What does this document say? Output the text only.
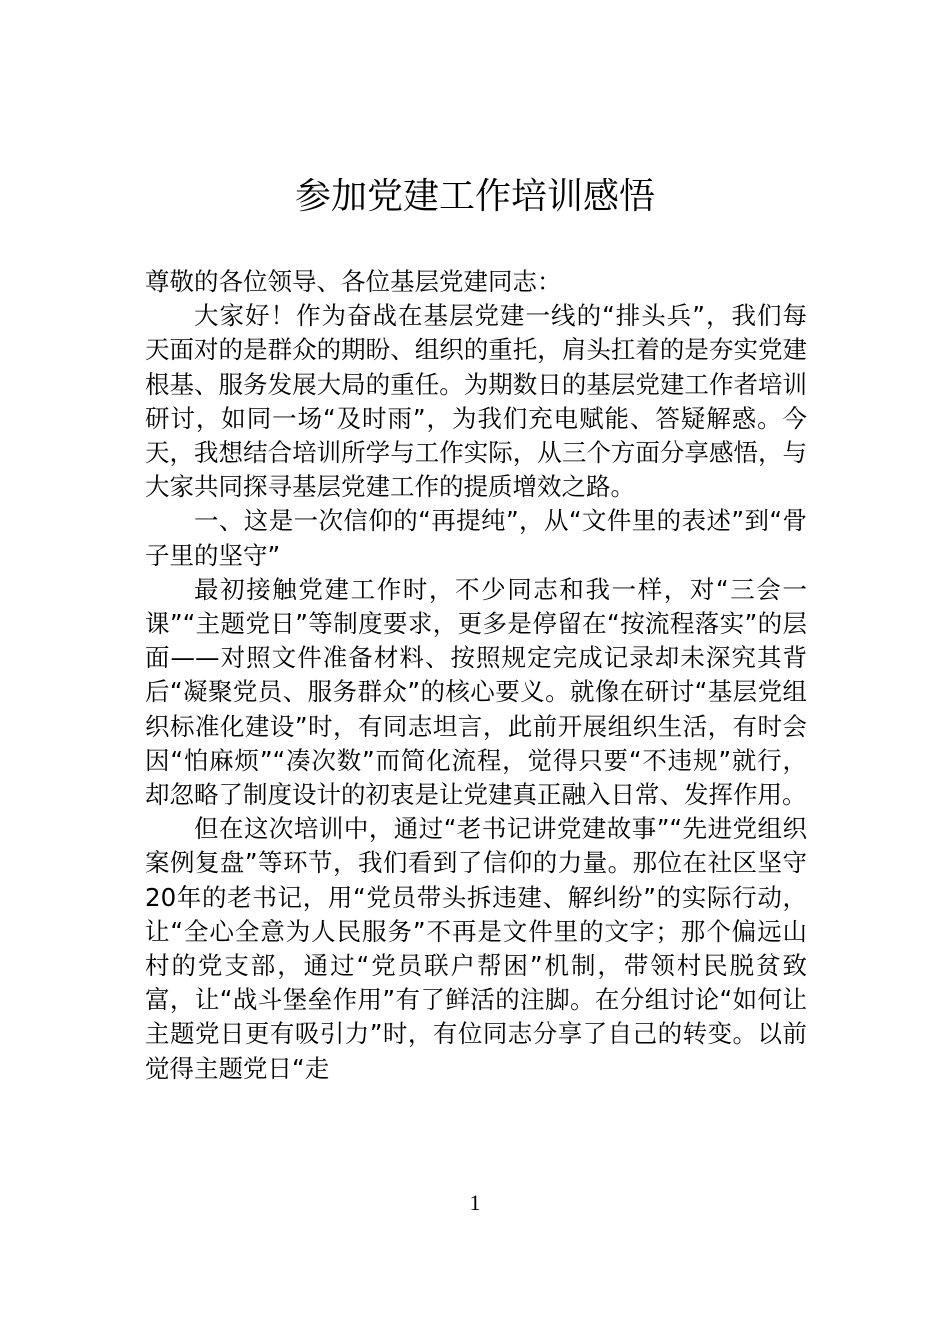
参加党建工作培训感悟

尊敬的各位领导、各位基层党建同志：

大家好！作为奋战在基层党建一线的“排头兵”，我们每天面对的是群众的期盼、组织的重托，肩头扛着的是夯实党建根基、服务发展大局的重任。为期数日的基层党建工作者培训研讨，如同一场“及时雨”，为我们充电赋能、答疑解惑。今天，我想结合培训所学与工作实际，从三个方面分享感悟，与大家共同探寻基层党建工作的提质增效之路。

一、这是一次信仰的“再提纯”，从“文件里的表述”到“骨子里的坚守”

最初接触党建工作时，不少同志和我一样，对“三会一课”“主题党日”等制度要求，更多是停留在“按流程落实”的层面——对照文件准备材料、按照规定完成记录却未深究其背后“凝聚党员、服务群众”的核心要义。就像在研讨“基层党组织标准化建设”时，有同志坦言，此前开展组织生活，有时会因“怕麻烦”“凑次数”而简化流程，觉得只要“不违规”就行，却忽略了制度设计的初衷是让党建真正融入日常、发挥作用。

但在这次培训中，通过“老书记讲党建故事”“先进党组织案例复盘”等环节，我们看到了信仰的力量。那位在社区坚守20年的老书记，用“党员带头拆违建、解纠纷”的实际行动，让“全心全意为人民服务”不再是文件里的文字；那个偏远山村的党支部，通过“党员联户帮困”机制，带领村民脱贫致富，让“战斗堡垒作用”有了鲜活的注脚。在分组讨论“如何让主题党日更有吸引力”时，有位同志分享了自己的转变。以前觉得主题党日“走

1
